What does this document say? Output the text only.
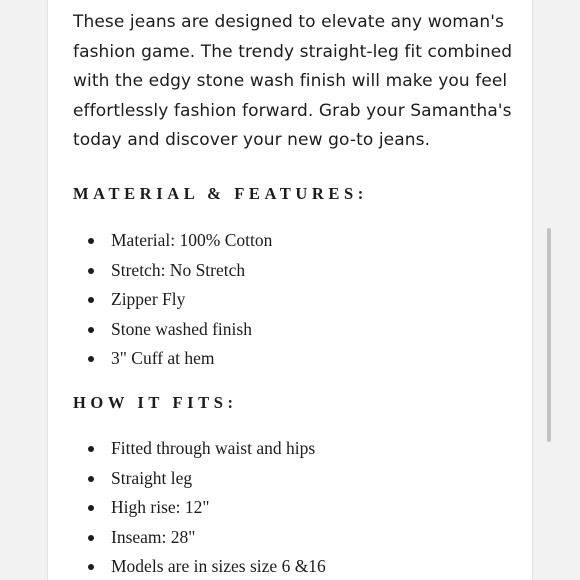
These jeans are designed to elevate any woman's
fashion game. The trendy straight-leg fit combined
with the edgy stone wash finish will make you feel
effortlessly fashion forward. Grab your Samantha's
today and discover your new go-to jeans.

MATERIAL & FEATURES:
Material: 100% Cotton
Stretch: No Stretch
Zipper Fly
Stone washed finish
3" Cuff at hem
HOW IT FITS:
Fitted through waist and hips
Straight leg
High rise: 12"
Inseam: 28"
Models are in sizes size 6 &16
